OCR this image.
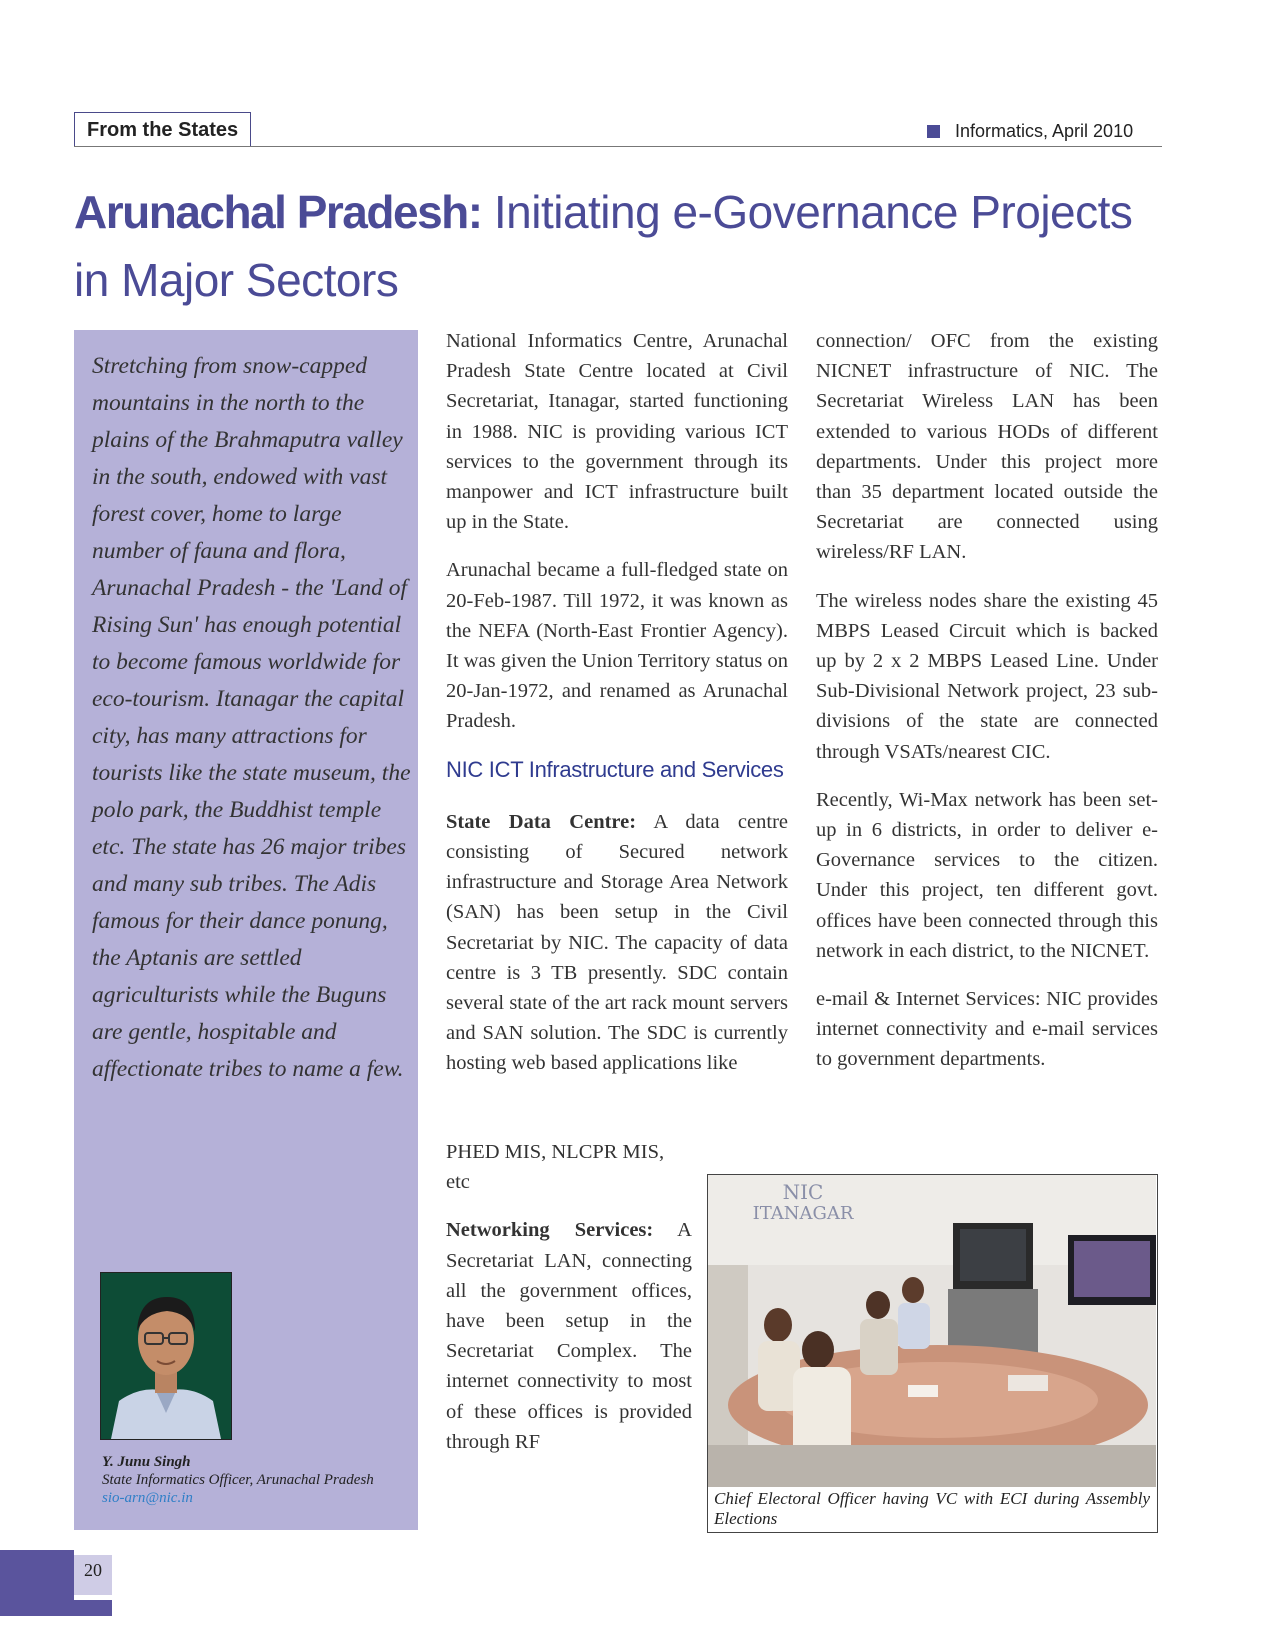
From the States	Informatics, April 2010
Arunachal Pradesh: Initiating e-Governance Projects in Major Sectors

Stretching from snow-capped mountains in the north to the plains of the Brahmaputra valley in the south, endowed with vast forest cover, home to large number of fauna and flora, Arunachal Pradesh - the 'Land of Rising Sun' has enough potential to become famous worldwide for eco-tourism. Itanagar the capital city, has many attractions for tourists like the state museum, the polo park, the Buddhist temple etc. The state has 26 major tribes and many sub tribes. The Adis famous for their dance ponung, the Aptanis are settled agriculturists while the Buguns are gentle, hospitable and affectionate tribes to name a few.

Y. Junu Singh
State Informatics Officer, Arunachal Pradesh
sio-arn@nic.in

National Informatics Centre, Arunachal Pradesh State Centre located at Civil Secretariat, Itanagar, started functioning in 1988. NIC is providing various ICT services to the government through its manpower and ICT infrastructure built up in the State.

Arunachal became a full-fledged state on 20-Feb-1987. Till 1972, it was known as the NEFA (North-East Frontier Agency). It was given the Union Territory status on 20-Jan-1972, and renamed as Arunachal Pradesh.

NIC ICT Infrastructure and Services

State Data Centre: A data centre consisting of Secured network infrastructure and Storage Area Network (SAN) has been setup in the Civil Secretariat by NIC. The capacity of data centre is 3 TB presently. SDC contain several state of the art rack mount servers and SAN solution. The SDC is currently hosting web based applications like

PHED MIS, NLCPR MIS, etc

Networking Services: A Secretariat LAN, connecting all the government offices, have been setup in the Secretariat Complex. The internet connectivity to most of these offices is provided through RF

connection/ OFC from the existing NICNET infrastructure of NIC. The Secretariat Wireless LAN has been extended to various HODs of different departments. Under this project more than 35 department located outside the Secretariat are connected using wireless/RF LAN.

The wireless nodes share the existing 45 MBPS Leased Circuit which is backed up by 2 x 2 MBPS Leased Line. Under Sub-Divisional Network project, 23 sub-divisions of the state are connected through VSATs/nearest CIC.

Recently, Wi-Max network has been set-up in 6 districts, in order to deliver e-Governance services to the citizen. Under this project, ten different govt. offices have been connected through this network in each district, to the NICNET.

e-mail & Internet Services: NIC provides internet connectivity and e-mail services to government departments.

NIC
ITANAGAR
Chief Electoral Officer having VC with ECI during Assembly Elections
20
